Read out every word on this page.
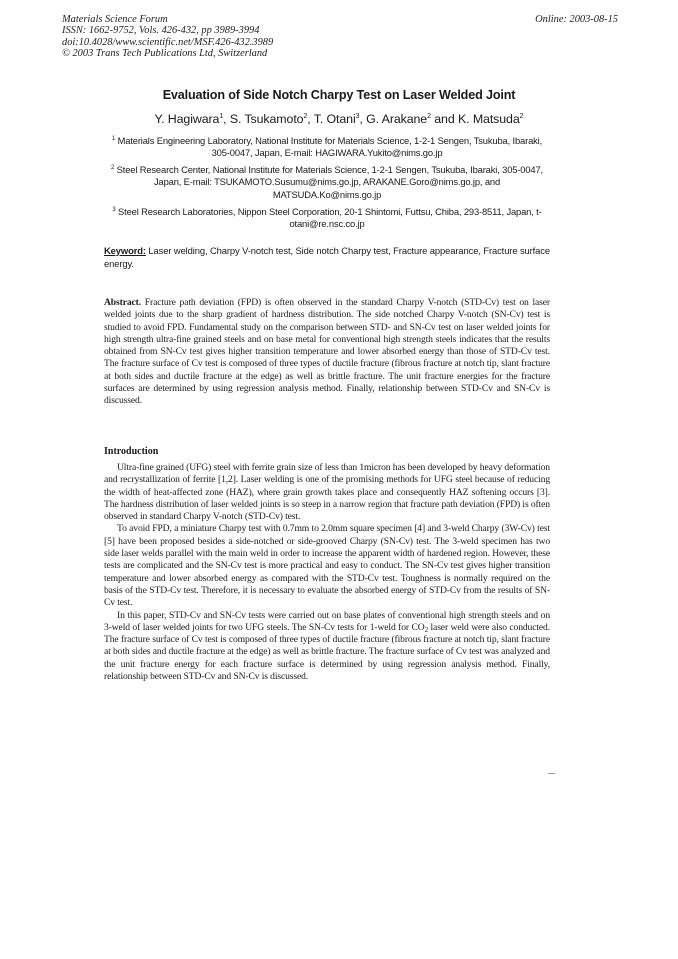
Materials Science Forum
ISSN: 1662-9752, Vols. 426-432, pp 3989-3994
doi:10.4028/www.scientific.net/MSF.426-432.3989
© 2003 Trans Tech Publications Ltd, Switzerland
Online: 2003-08-15
Evaluation of Side Notch Charpy Test on Laser Welded Joint
Y. Hagiwara$^1$, S. Tsukamoto$^2$, T. Otani$^3$, G. Arakane$^2$ and K. Matsuda$^2$
$^1$ Materials Engineering Laboratory, National Institute for Materials Science, 1-2-1 Sengen, Tsukuba, Ibaraki, 305-0047, Japan, E-mail: HAGIWARA.Yukito@nims.go.jp
$^2$ Steel Research Center, National Institute for Materials Science, 1-2-1 Sengen, Tsukuba, Ibaraki, 305-0047, Japan, E-mail: TSUKAMOTO.Susumu@nims.go.jp, ARAKANE.Goro@nims.go.jp, and MATSUDA.Ko@nims.go.jp
$^3$ Steel Research Laboratories, Nippon Steel Corporation, 20-1 Shintomi, Futtsu, Chiba, 293-8511, Japan, t-otani@re.nsc.co.jp
Keyword: Laser welding, Charpy V-notch test, Side notch Charpy test, Fracture appearance, Fracture surface energy.

Abstract. Fracture path deviation (FPD) is often observed in the standard Charpy V-notch (STD-Cv) test on laser welded joints due to the sharp gradient of hardness distribution. The side notched Charpy V-notch (SN-Cv) test is studied to avoid FPD. Fundamental study on the comparison between STD- and SN-Cv test on laser welded joints for high strength ultra-fine grained steels and on base metal for conventional high strength steels indicates that the results obtained from SN-Cv test gives higher transition temperature and lower absorbed energy than those of STD-Cv test. The fracture surface of Cv test is composed of three types of ductile fracture (fibrous fracture at notch tip, slant fracture at both sides and ductile fracture at the edge) as well as brittle fracture. The unit fracture energies for the fracture surfaces are determined by using regression analysis method. Finally, relationship between STD-Cv and SN-Cv is discussed.

Introduction

Ultra-fine grained (UFG) steel with ferrite grain size of less than 1micron has been developed by heavy deformation and recrystallization of ferrite [1,2]. Laser welding is one of the promising methods for UFG steel because of reducing the width of heat-affected zone (HAZ), where grain growth takes place and consequently HAZ softening occurs [3]. The hardness distribution of laser welded joints is so steep in a narrow region that fracture path deviation (FPD) is often observed in standard Charpy V-notch (STD-Cv) test.

To avoid FPD, a miniature Charpy test with 0.7mm to 2.0mm square specimen [4] and 3-weld Charpy (3W-Cv) test [5] have been proposed besides a side-notched or side-grooved Charpy (SN-Cv) test. The 3-weld specimen has two side laser welds parallel with the main weld in order to increase the apparent width of hardened region. However, these tests are complicated and the SN-Cv test is more practical and easy to conduct. The SN-Cv test gives higher transition temperature and lower absorbed energy as compared with the STD-Cv test. Toughness is normally required on the basis of the STD-Cv test. Therefore, it is necessary to evaluate the absorbed energy of STD-Cv from the results of SN-Cv test.

In this paper, STD-Cv and SN-Cv tests were carried out on base plates of conventional high strength steels and on 3-weld of laser welded joints for two UFG steels. The SN-Cv tests for 1-weld for $CO_2$ laser weld were also conducted. The fracture surface of Cv test is composed of three types of ductile fracture (fibrous fracture at notch tip, slant fracture at both sides and ductile fracture at the edge) as well as brittle fracture. The fracture surface of Cv test was analyzed and the unit fracture energy for each fracture surface is determined by using regression analysis method. Finally, relationship between STD-Cv and SN-Cv is discussed.
